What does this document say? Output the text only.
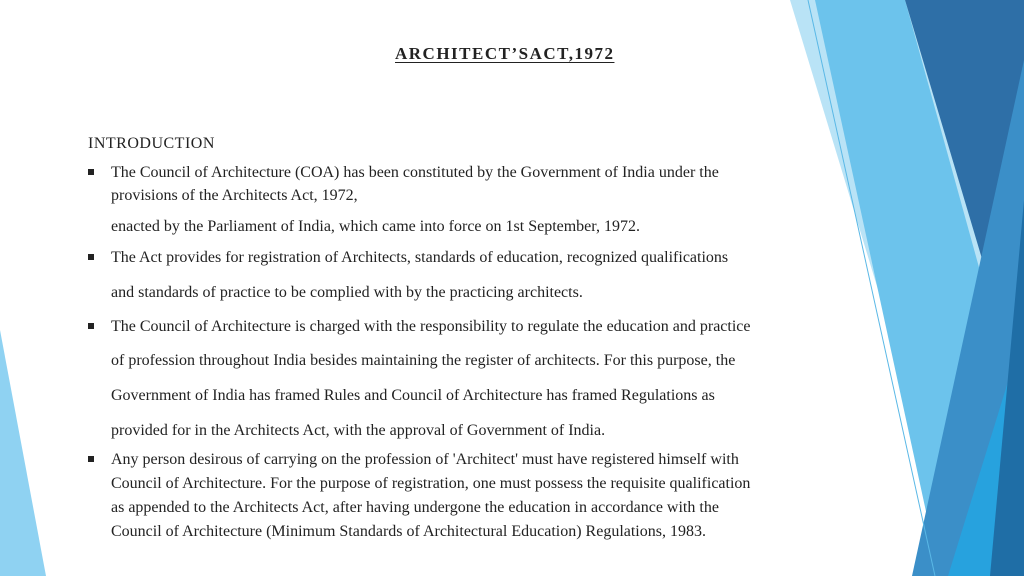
ARCHITECT’SACT,1972
INTRODUCTION
The Council of Architecture (COA) has been constituted by the Government of India under the
provisions of the Architects Act, 1972,
enacted by the Parliament of India, which came into force on 1st September, 1972.
The Act provides for registration of Architects, standards of education, recognized qualifications
and standards of practice to be complied with by the practicing architects.
The Council of Architecture is charged with the responsibility to regulate the education and practice
of profession throughout India besides maintaining the register of architects. For this purpose, the
Government of India has framed Rules and Council of Architecture has framed Regulations as
provided for in the Architects Act, with the approval of Government of India.
Any person desirous of carrying on the profession of 'Architect' must have registered himself with
Council of Architecture. For the purpose of registration, one must possess the requisite qualification
as appended to the Architects Act, after having undergone the education in accordance with the
Council of Architecture (Minimum Standards of Architectural Education) Regulations, 1983.
